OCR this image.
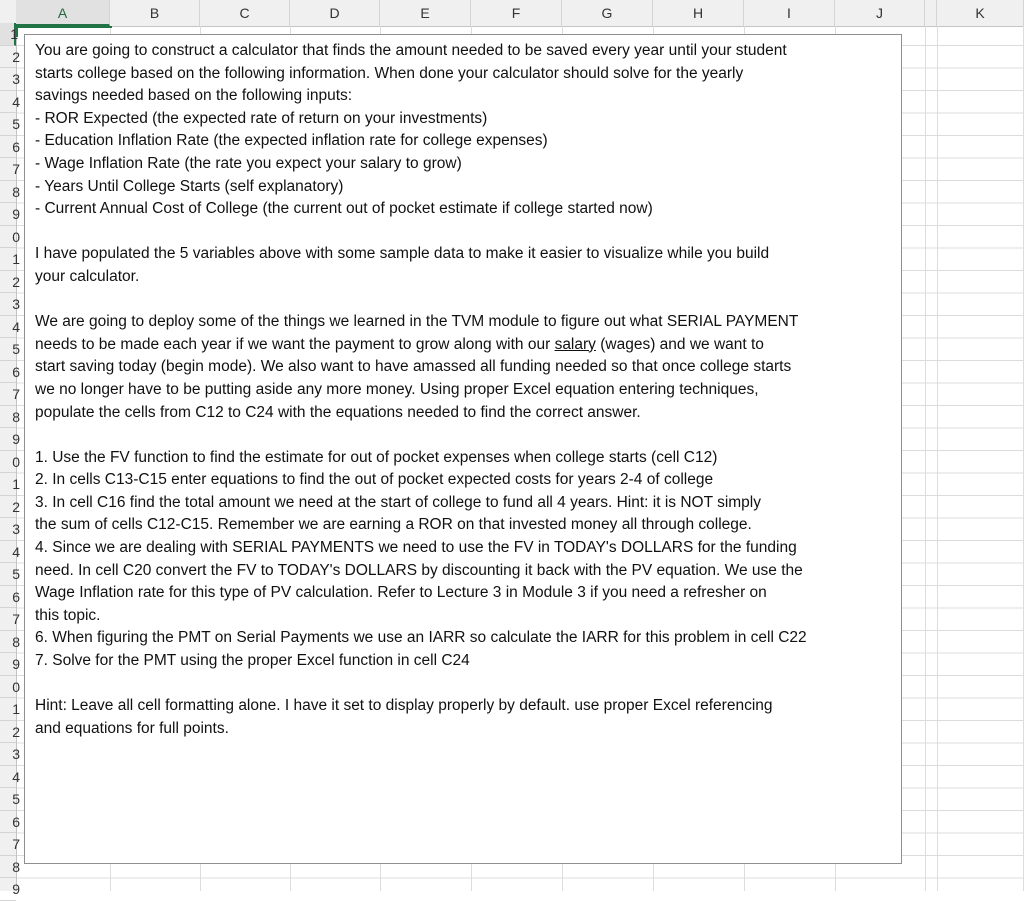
A	B	C	D	E	F	G	H	I	J	K
1
2
3
4
5
6
7
8
9
0
1
2
3
4
5
6
7
8
9
0
1
2
3
4
5
6
7
8
9
0
1
2
3
4
5
6
7
8
9

You are going to construct a calculator that finds the amount needed to be saved every year until your student

starts college based on the following information. When done your calculator should solve for the yearly

savings needed based on the following inputs:

- ROR Expected (the expected rate of return on your investments)

- Education Inflation Rate (the expected inflation rate for college expenses)

- Wage Inflation Rate (the rate you expect your salary to grow)

- Years Until College Starts (self explanatory)

- Current Annual Cost of College (the current out of pocket estimate if college started now)

I have populated the 5 variables above with some sample data to make it easier to visualize while you build

your calculator.

We are going to deploy some of the things we learned in the TVM module to figure out what SERIAL PAYMENT

needs to be made each year if we want the payment to grow along with our salary (wages) and we want to

start saving today (begin mode). We also want to have amassed all funding needed so that once college starts

we no longer have to be putting aside any more money. Using proper Excel equation entering techniques,

populate the cells from C12 to C24 with the equations needed to find the correct answer.

1. Use the FV function to find the estimate for out of pocket expenses when college starts (cell C12)

2. In cells C13-C15 enter equations to find the out of pocket expected costs for years 2-4 of college

3. In cell C16 find the total amount we need at the start of college to fund all 4 years. Hint: it is NOT simply

the sum of cells C12-C15. Remember we are earning a ROR on that invested money all through college.

4. Since we are dealing with SERIAL PAYMENTS we need to use the FV in TODAY's DOLLARS for the funding

need. In cell C20 convert the FV to TODAY's DOLLARS by discounting it back with the PV equation. We use the

Wage Inflation rate for this type of PV calculation. Refer to Lecture 3 in Module 3 if you need a refresher on

this topic.

6. When figuring the PMT on Serial Payments we use an IARR so calculate the IARR for this problem in cell C22

7. Solve for the PMT using the proper Excel function in cell C24

Hint: Leave all cell formatting alone. I have it set to display properly by default. use proper Excel referencing

and equations for full points.
